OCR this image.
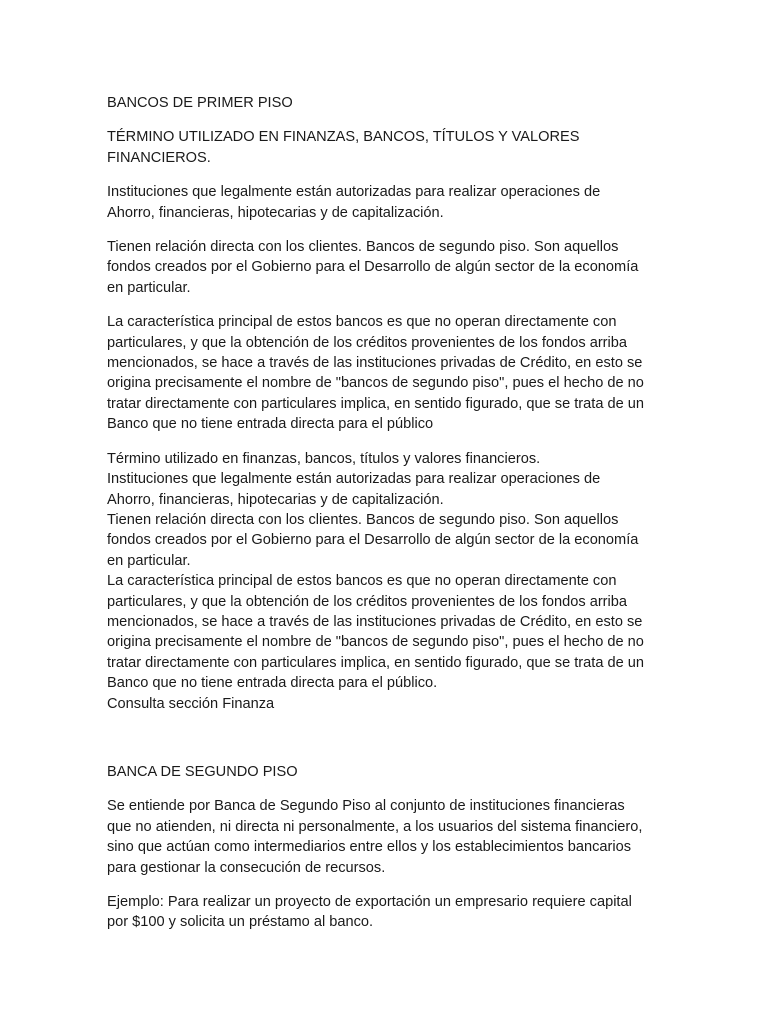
BANCOS DE PRIMER PISO

TÉRMINO UTILIZADO EN FINANZAS, BANCOS, TÍTULOS Y VALORES

FINANCIEROS.

Instituciones que legalmente están autorizadas para realizar operaciones de

Ahorro, financieras, hipotecarias y de capitalización.

Tienen relación directa con los clientes. Bancos de segundo piso. Son aquellos

fondos creados por el Gobierno para el Desarrollo de algún sector de la economía

en particular.

La característica principal de estos bancos es que no operan directamente con

particulares, y que la obtención de los créditos provenientes de los fondos arriba

mencionados, se hace a través de las instituciones privadas de Crédito, en esto se

origina precisamente el nombre de "bancos de segundo piso", pues el hecho de no

tratar directamente con particulares implica, en sentido figurado, que se trata de un

Banco que no tiene entrada directa para el público

Término utilizado en finanzas, bancos, títulos y valores financieros.

Instituciones que legalmente están autorizadas para realizar operaciones de

Ahorro, financieras, hipotecarias y de capitalización.

Tienen relación directa con los clientes. Bancos de segundo piso. Son aquellos

fondos creados por el Gobierno para el Desarrollo de algún sector de la economía

en particular.

La característica principal de estos bancos es que no operan directamente con

particulares, y que la obtención de los créditos provenientes de los fondos arriba

mencionados, se hace a través de las instituciones privadas de Crédito, en esto se

origina precisamente el nombre de "bancos de segundo piso", pues el hecho de no

tratar directamente con particulares implica, en sentido figurado, que se trata de un

Banco que no tiene entrada directa para el público.

Consulta sección Finanza

BANCA DE SEGUNDO PISO

Se entiende por Banca de Segundo Piso al conjunto de instituciones financieras

que no atienden, ni directa ni personalmente, a los usuarios del sistema financiero,

sino que actúan como intermediarios entre ellos y los establecimientos bancarios

para gestionar la consecución de recursos.

Ejemplo: Para realizar un proyecto de exportación un empresario requiere capital

por $100 y solicita un préstamo al banco.
